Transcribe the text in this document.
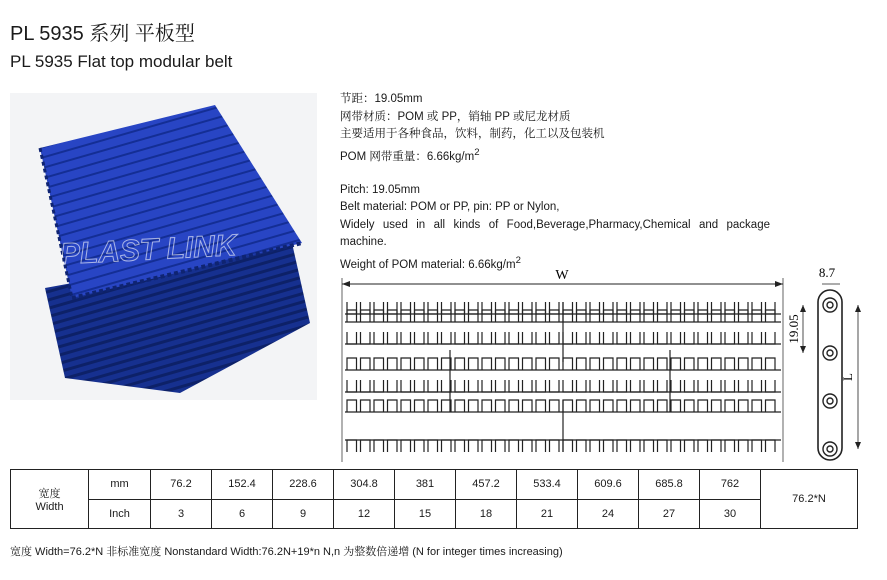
PL 5935 系列 平板型
PL 5935 Flat top modular belt
PLAST LINK

节距：19.05mm

网带材质：POM 或 PP，销轴 PP 或尼龙材质

主要适用于各种食品，饮料，制药，化工以及包装机

POM 网带重量：$6.66kg/m^2$

Pitch: 19.05mm

Belt material: POM or PP, pin: PP or Nylon,

Widely used in all kinds of Food,Beverage,Pharmacy,Chemical and package machine.

Weight of POM material: $6.66kg/m^2$

W	8.7
19.05
L
宽度
Width	mm	76.2	152.4	228.6	304.8	381	457.2	533.4	609.6	685.8	762	76.2*N
	Inch	3	6	9	12	15	18	21	24	27	30	
宽度 Width=76.2*N 非标准宽度 Nonstandard Width:76.2N+19*n N,n 为整数倍递增 (N for integer times increasing)
